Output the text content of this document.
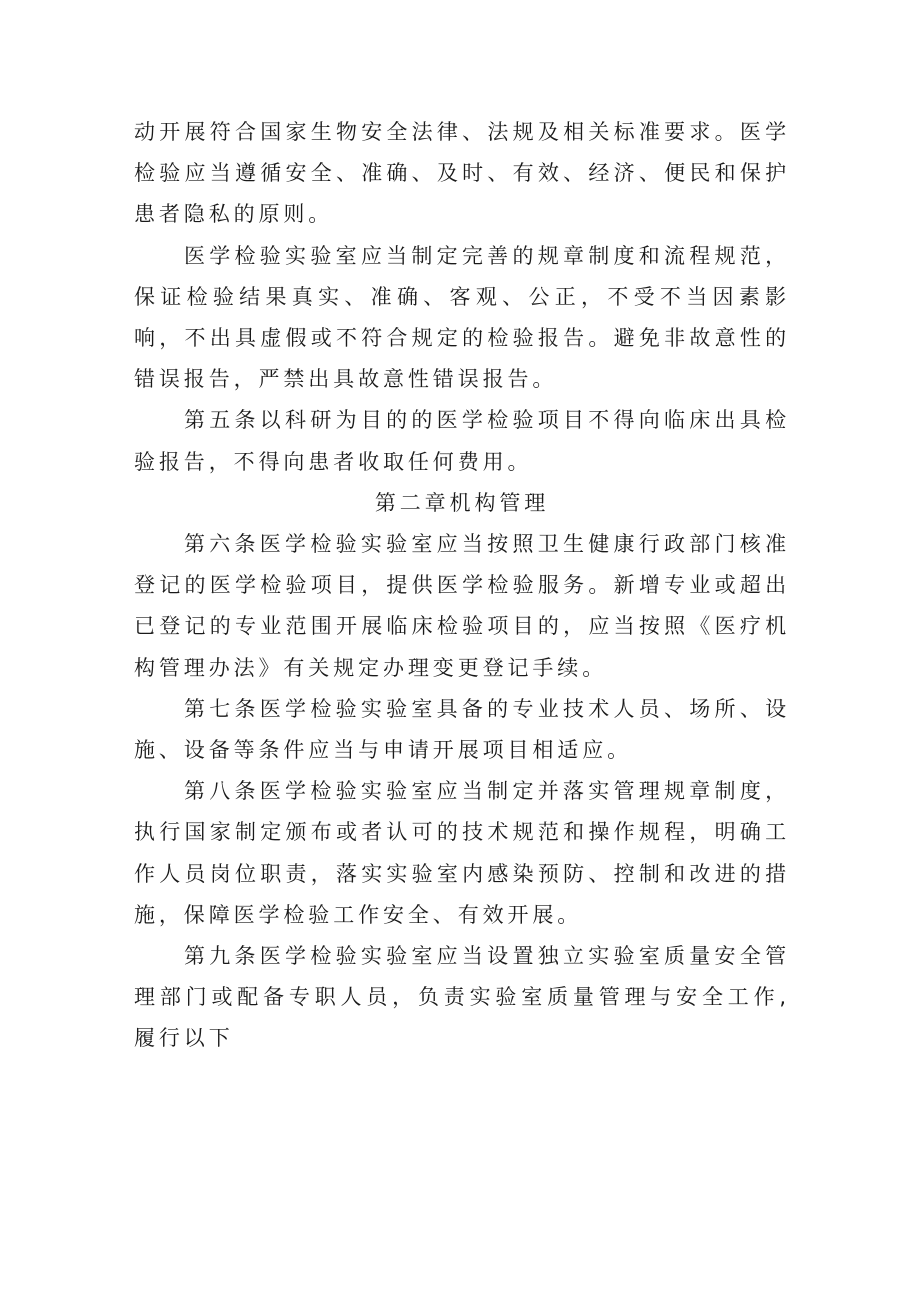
动开展符合国家生物安全法律、法规及相关标准要求。医学检验应当遵循安全、准确、及时、有效、经济、便民和保护患者隐私的原则。

医学检验实验室应当制定完善的规章制度和流程规范，保证检验结果真实、准确、客观、公正，不受不当因素影响，不出具虚假或不符合规定的检验报告。避免非故意性的错误报告，严禁出具故意性错误报告。

第五条以科研为目的的医学检验项目不得向临床出具检验报告，不得向患者收取任何费用。

第二章机构管理

第六条医学检验实验室应当按照卫生健康行政部门核准登记的医学检验项目，提供医学检验服务。新增专业或超出已登记的专业范围开展临床检验项目的，应当按照《医疗机构管理办法》有关规定办理变更登记手续。

第七条医学检验实验室具备的专业技术人员、场所、设施、设备等条件应当与申请开展项目相适应。

第八条医学检验实验室应当制定并落实管理规章制度，执行国家制定颁布或者认可的技术规范和操作规程，明确工作人员岗位职责，落实实验室内感染预防、控制和改进的措施，保障医学检验工作安全、有效开展。

第九条医学检验实验室应当设置独立实验室质量安全管理部门或配备专职人员，负责实验室质量管理与安全工作,履行以下
